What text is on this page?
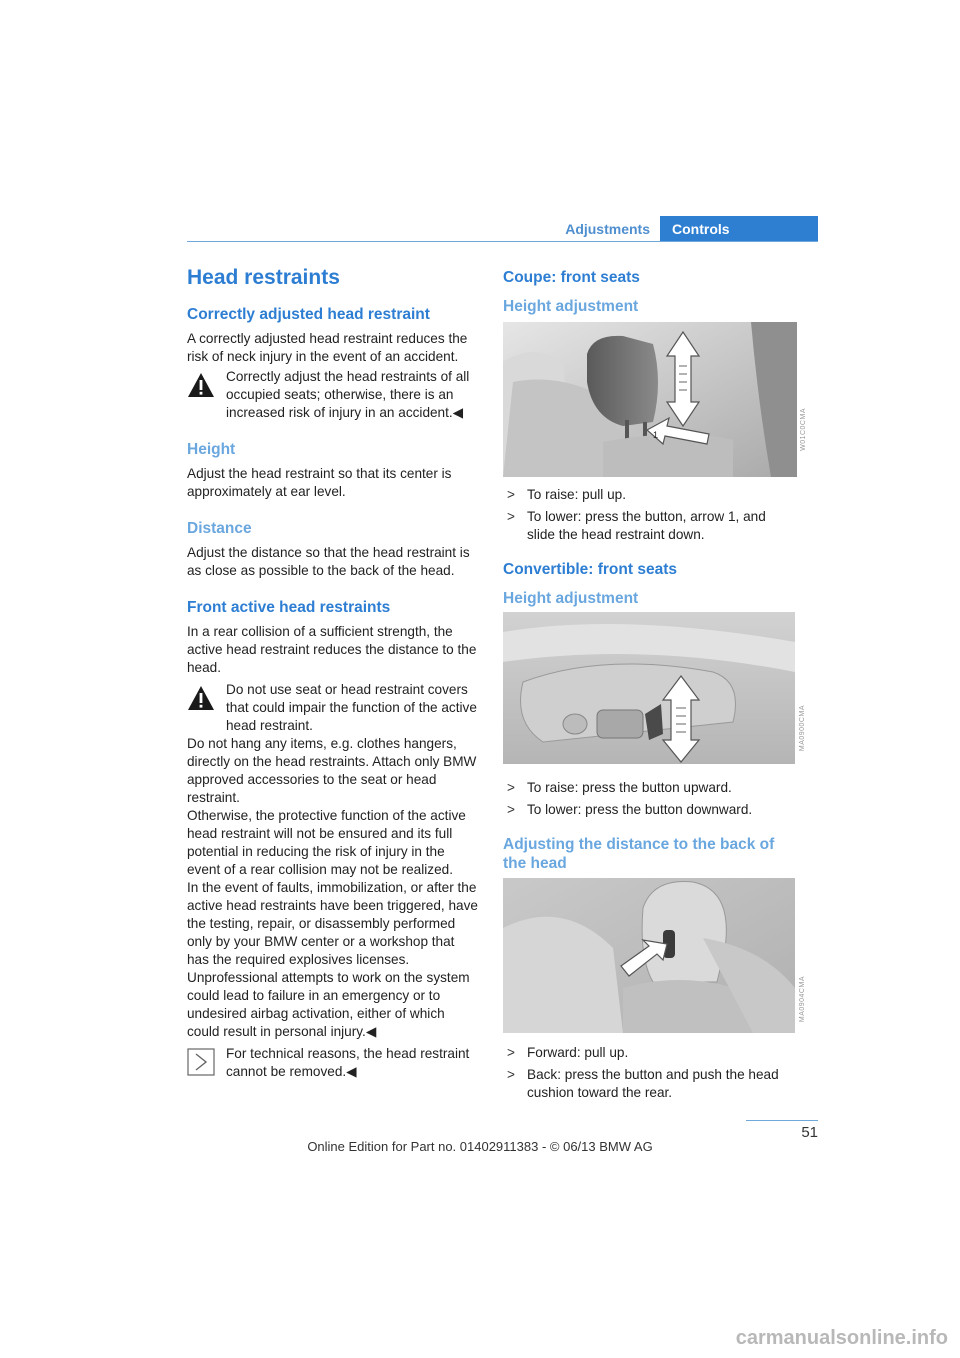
Adjustments	Controls
Head restraints
Correctly adjusted head restraint

A correctly adjusted head restraint reduces the risk of neck injury in the event of an accident.

Correctly adjust the head restraints of all occupied seats; otherwise, there is an increased risk of injury in an accident.◀
Height

Adjust the head restraint so that its center is approximately at ear level.

Distance

Adjust the distance so that the head restraint is as close as possible to the back of the head.

Front active head restraints

In a rear collision of a sufficient strength, the active head restraint reduces the distance to the head.

Do not use seat or head restraint covers that could impair the function of the active head restraint.

Do not hang any items, e.g. clothes hangers, directly on the head restraints. Attach only BMW approved accessories to the seat or head restraint.

Otherwise, the protective function of the active head restraint will not be ensured and its full potential in reducing the risk of injury in the event of a rear collision may not be realized.

In the event of faults, immobilization, or after the active head restraints have been triggered, have the testing, repair, or disassembly performed only by your BMW center or a workshop that has the required explosives licenses. Unprofessional attempts to work on the system could lead to failure in an emergency or to undesired airbag activation, either of which could result in personal injury.◀

For technical reasons, the head restraint cannot be removed.◀
Coupe: front seats
Height adjustment
1	W01C0CMA
> To raise: pull up.
> To lower: press the button, arrow 1, and slide the head restraint down.
Convertible: front seats
Height adjustment
MA0900CMA
> To raise: press the button upward.
> To lower: press the button downward.
Adjusting the distance to the back of the head
MA0904CMA
> Forward: pull up.
> Back: press the button and push the head cushion toward the rear.
51
Online Edition for Part no. 01402911383 - © 06/13 BMW AG
carmanualsonline.info
